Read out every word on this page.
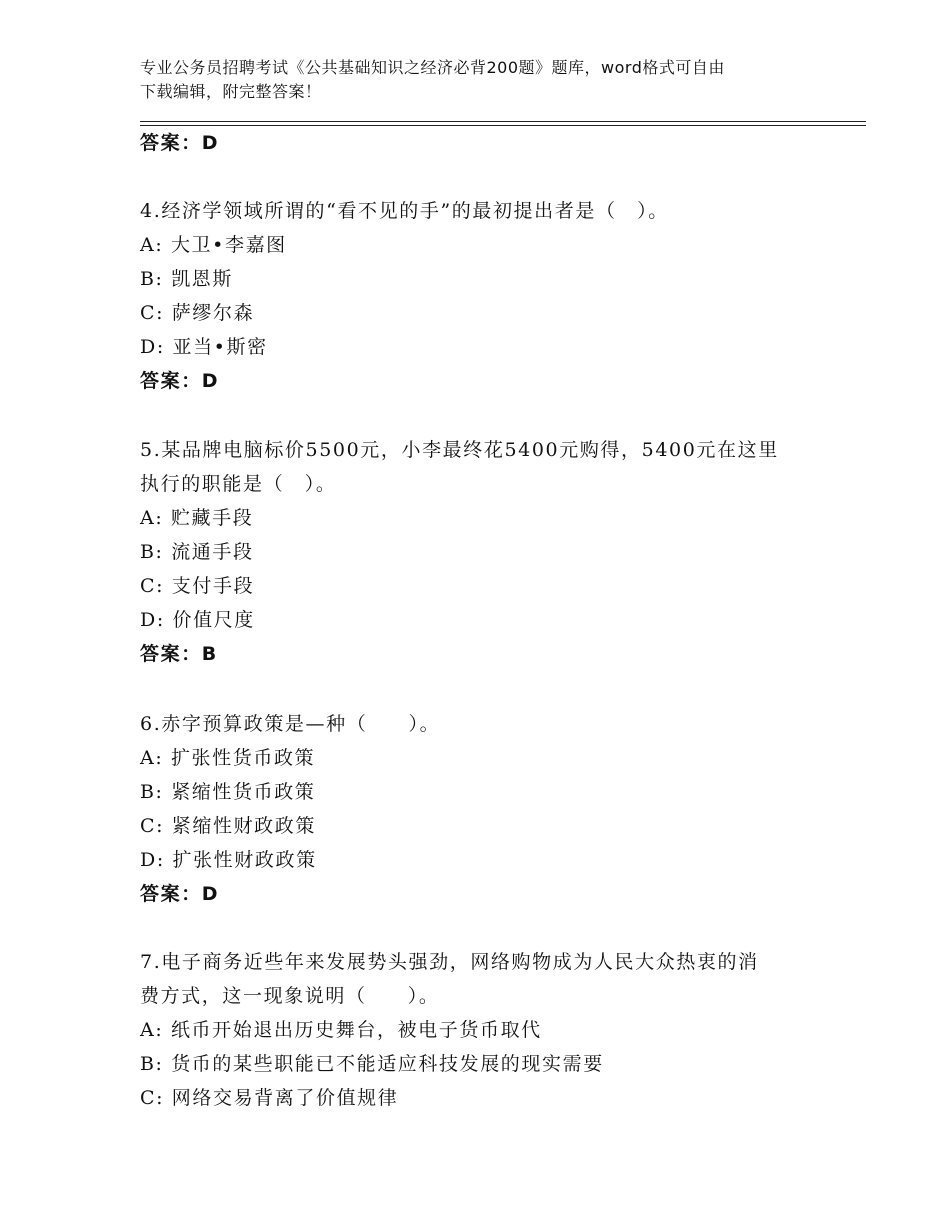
专业公务员招聘考试《公共基础知识之经济必背200题》题库，word格式可自由
下载编辑，附完整答案！
答案：D
4.经济学领域所谓的“看不见的手”的最初提出者是（　）。
A: 大卫•李嘉图
B: 凯恩斯
C: 萨缪尔森
D: 亚当•斯密
答案：D
5.某品牌电脑标价5500元，小李最终花5400元购得，5400元在这里
执行的职能是（　）。
A: 贮藏手段
B: 流通手段
C: 支付手段
D: 价值尺度
答案：B
6.赤字预算政策是—种（　　）。
A: 扩张性货币政策
B: 紧缩性货币政策
C: 紧缩性财政政策
D: 扩张性财政政策
答案：D
7.电子商务近些年来发展势头强劲，网络购物成为人民大众热衷的消
费方式，这一现象说明（　　）。
A: 纸币开始退出历史舞台，被电子货币取代
B: 货币的某些职能已不能适应科技发展的现实需要
C: 网络交易背离了价值规律
